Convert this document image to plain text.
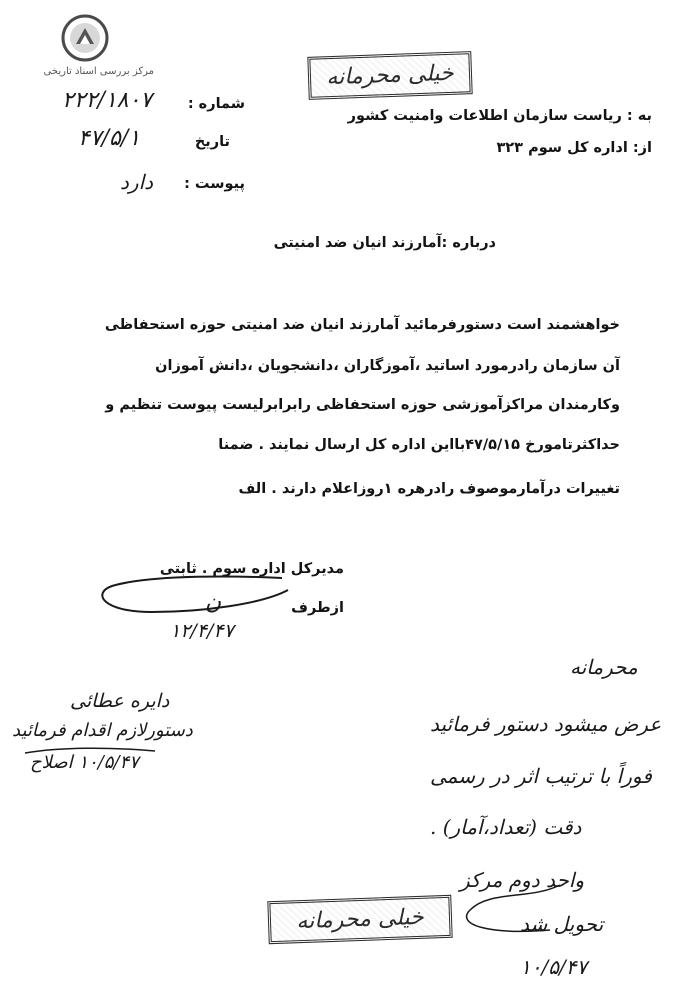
مرکز بررسی اسناد تاریخی	خیلی محرمانه
شماره :
۲۲۲/۱۸۰۷
تاریخ
۴۷/۵/۱
پیوست :
دارد
به : ریاست سازمان اطلاعات وامنیت کشور
از: اداره کل سوم ۳۲۳
درباره :آمارزند انیان ضد امنیتی
خواهشمند است دستورفرمائید آمارزند انیان ضد امنیتی حوزه استحفاظی
آن سازمان رادرمورد اساتید ،آموزگاران ،دانشجویان ،دانش آموزان
وکارمندان مراکزآموزشی حوزه استحفاظی رابرابرلیست پیوست تنظیم و
حداکثرتامورخ ۴۷/۵/۱۵بااین اداره کل ارسال نمایند . ضمنا
تغییرات درآمارموصوف رادرهره ۱روزاعلام دارند . الف
مدیرکل اداره سوم . ثابتی
ن	ازطرف
۱۲/۴/۴۷
دایره عطائی
دستورلازم اقدام فرمائید
۱۰/۵/۴۷ اصلاح
محرمانه
عرض میشود دستور فرمائید
فوراً با ترتیب اثر در رسمی
دقت (تعداد،آمار) .
واحد دوم مرکز
تحویل شد
۱۰/۵/۴۷
خیلی محرمانه
